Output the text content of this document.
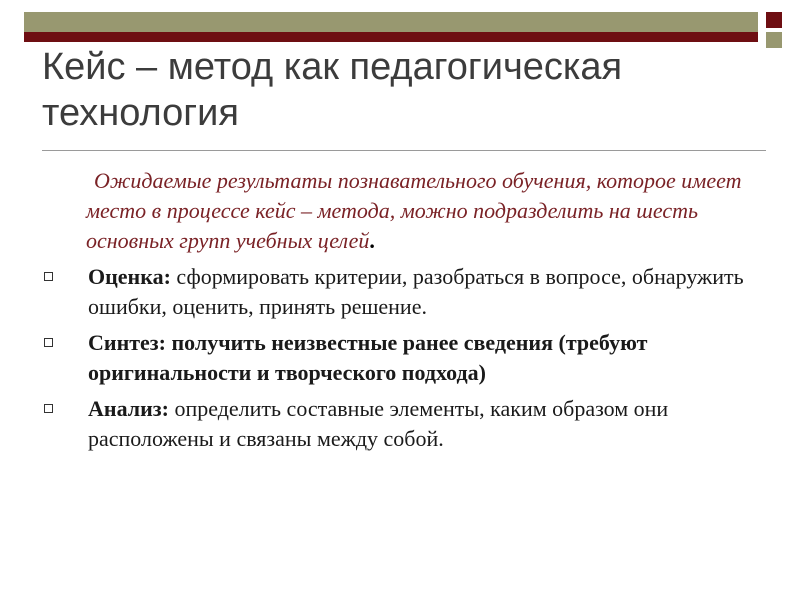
Кейс – метод как педагогическая технология

Ожидаемые результаты познавательного обучения, которое имеет место в процессе кейс – метода, можно подразделить на шесть основных групп учебных целей.

Оценка: сформировать критерии, разобраться в вопросе, обнаружить ошибки, оценить, принять решение.
Синтез: получить неизвестные ранее сведения (требуют оригинальности и творческого подхода)
Анализ: определить составные элементы, каким образом они расположены и связаны между собой.
